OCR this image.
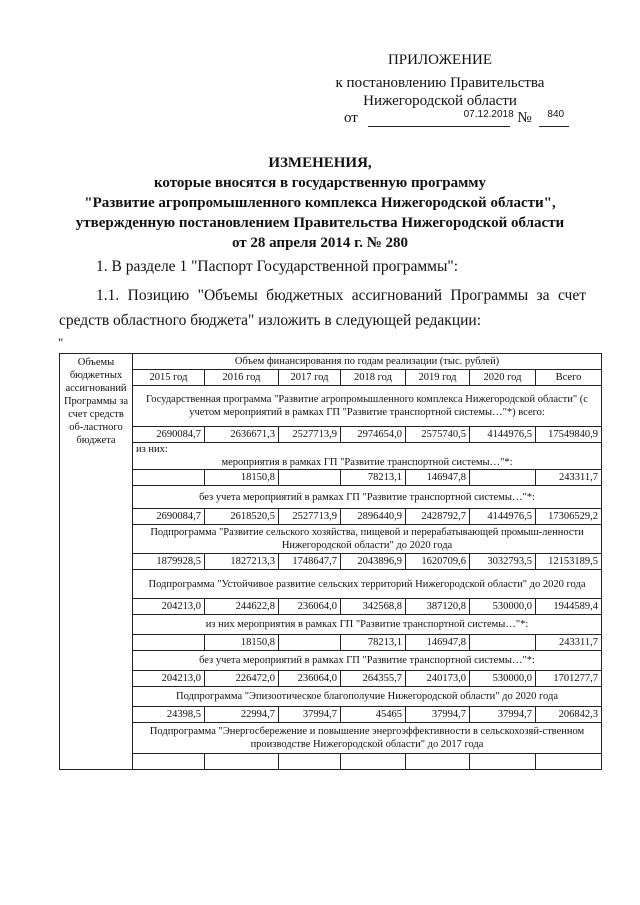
ПРИЛОЖЕНИЕ
к постановлению Правительства
Нижегородской области
от	07.12.2018 № 840
ИЗМЕНЕНИЯ,
которые вносятся в государственную программу
"Развитие агропромышленного комплекса Нижегородской области",
утвержденную постановлением Правительства Нижегородской области
от 28 апреля 2014 г. № 280
1. В разделе 1 "Паспорт Государственной программы":
1.1. Позицию "Объемы бюджетных ассигнований Программы за счет
средств областного бюджета" изложить в следующей редакции:
"
Объемы бюджетных ассигнований Программы за счет средств об-ластного бюджета	Объем финансирования по годам реализации (тыс. рублей)						
	2015 год	2016 год	2017 год	2018 год	2019 год	2020 год	Всего
	Государственная программа "Развитие агропромышленного комплекса Нижегородской области" (с учетом мероприятий в рамках ГП "Развитие транспортной системы…"*) всего:						
	2690084,7	2636671,3	2527713,9	2974654,0	2575740,5	4144976,5	17549840,9

	из них:
мероприятия в рамках ГП "Развитие транспортной системы…"*:						

		18150,8		78213,1	146947,8		243311,7
	без учета мероприятий в рамках ГП "Развитие транспортной системы…"*:						
	2690084,7	2618520,5	2527713,9	2896440,9	2428792,7	4144976,5	17306529,2
	Подпрограмма "Развитие сельского хозяйства, пищевой и перерабатывающей промыш-ленности Нижегородской области" до 2020 года						
	1879928,5	1827213,3	1748647,7	2043896,9	1620709,6	3032793,5	12153189,5
	Подпрограмма "Устойчивое развитие сельских территорий Нижегородской области" до 2020 года						
	204213,0	244622,8	236064,0	342568,8	387120,8	530000,0	1944589,4
	из них мероприятия в рамках ГП "Развитие транспортной системы…"*:						
		18150,8		78213,1	146947,8		243311,7
	без учета мероприятий в рамках ГП "Развитие транспортной системы…"*:						
	204213,0	226472,0	236064,0	264355,7	240173,0	530000,0	1701277,7
	Подпрограмма "Эпизоотическое благополучие Нижегородской области" до 2020 года						
	24398,5	22994,7	37994,7	45465	37994,7	37994,7	206842,3
	Подпрограмма "Энергосбережение и повышение энергоэффективности в сельскохозяй-ственном производстве Нижегородской области" до 2017 года						
